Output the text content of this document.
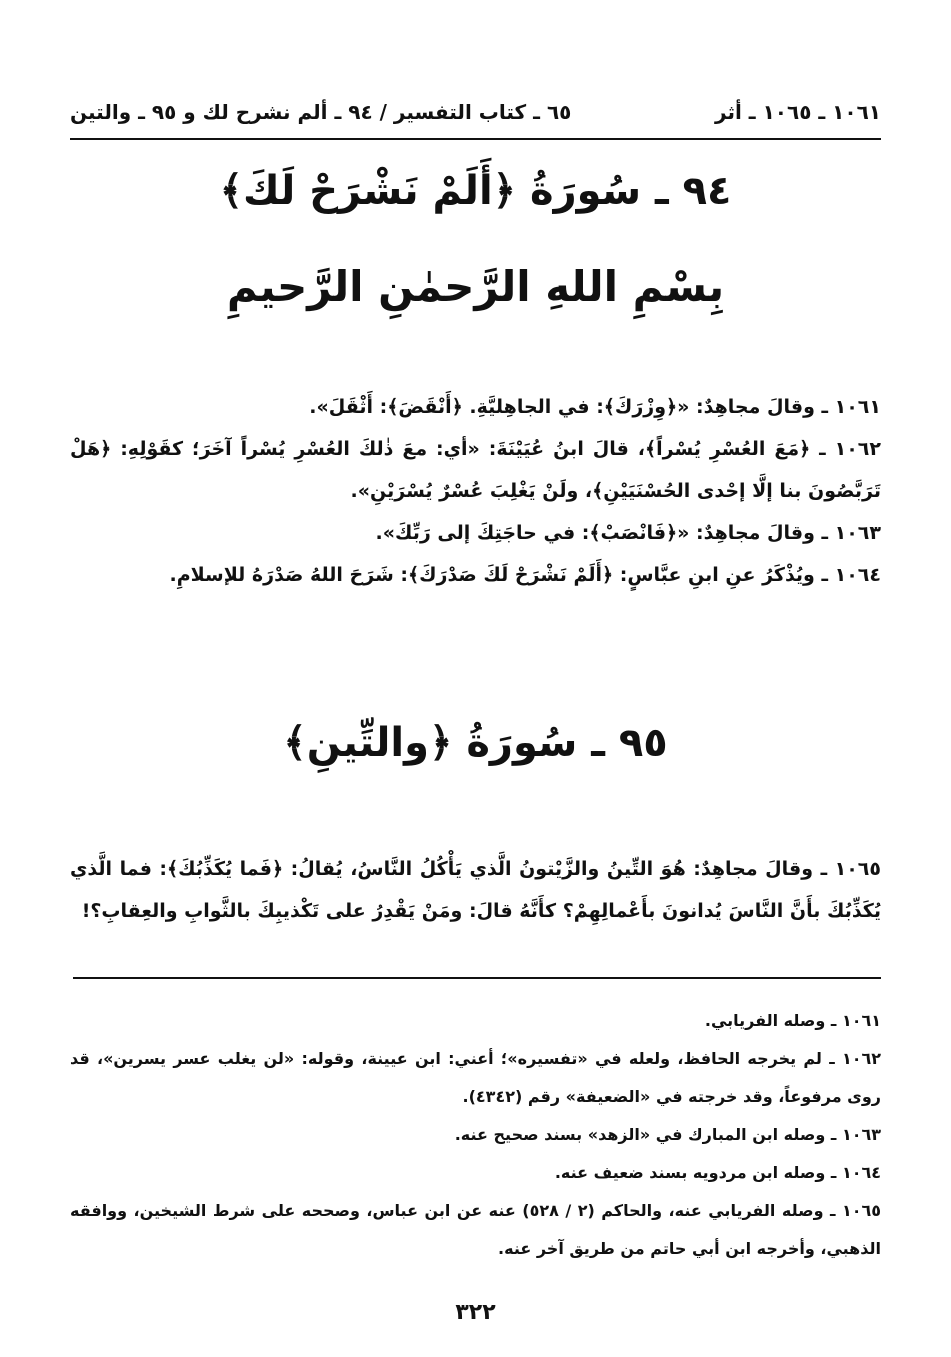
٦٥ ـ كتاب التفسير / ٩٤ ـ ألم نشرح لك و ٩٥ ـ والتين	١٠٦١ ـ ١٠٦٥ ـ أثر
٩٤ ـ سُورَةُ ﴿أَلَمْ نَشْرَحْ لَكَ﴾
بِسْمِ اللهِ الرَّحمٰنِ الرَّحيمِ

١٠٦١ ـ وقالَ مجاهِدٌ: «﴿وِزْرَكَ﴾: في الجاهِليَّةِ. ﴿أَنْقَضَ﴾: أَثْقَلَ».

١٠٦٢ ـ ﴿مَعَ العُسْرِ يُسْراً﴾، قالَ ابنُ عُيَيْنَةَ: «أي: معَ ذٰلكَ العُسْرِ يُسْراً آخَرَ؛ كقَوْلِهِ: ﴿هَلْ تَرَبَّصُونَ بنا إلَّا إحْدى الحُسْنَيَيْنِ﴾، ولَنْ يَغْلِبَ عُسْرٌ يُسْرَيْنِ».

١٠٦٣ ـ وقالَ مجاهِدٌ: «﴿فَانْصَبْ﴾: في حاجَتِكَ إلى رَبِّكَ».

١٠٦٤ ـ ويُذْكَرُ عنِ ابنِ عبَّاسٍ: ﴿أَلَمْ نَشْرَحْ لَكَ صَدْرَكَ﴾: شَرَحَ اللهُ صَدْرَهُ للإسلامِ.

٩٥ ـ سُورَةُ ﴿والتِّينِ﴾

١٠٦٥ ـ وقالَ مجاهِدٌ: هُوَ التِّينُ والزَّيْتونُ الَّذي يَأْكُلُ النَّاسُ، يُقالُ: ﴿فَما يُكَذِّبُكَ﴾: فما الَّذي يُكَذِّبُكَ بأَنَّ النَّاسَ يُدانونَ بأَعْمالِهِمْ؟ كأَنَّهُ قالَ: ومَنْ يَقْدِرُ على تَكْذيبِكَ بالثَّوابِ والعِقابِ؟!

١٠٦١ ـ وصله الفريابي.

١٠٦٢ ـ لم يخرجه الحافظ، ولعله في «تفسيره»؛ أعني: ابن عيينة، وقوله: «لن يغلب عسر يسرين»، قد روى مرفوعاً، وقد خرجته في «الضعيفة» رقم (٤٣٤٢).

١٠٦٣ ـ وصله ابن المبارك في «الزهد» بسند صحيح عنه.

١٠٦٤ ـ وصله ابن مردويه بسند ضعيف عنه.

١٠٦٥ ـ وصله الفريابي عنه، والحاكم (٢ / ٥٢٨) عنه عن ابن عباس، وصححه على شرط الشيخين، ووافقه الذهبي، وأخرجه ابن أبي حاتم من طريق آخر عنه.

٣٢٢
